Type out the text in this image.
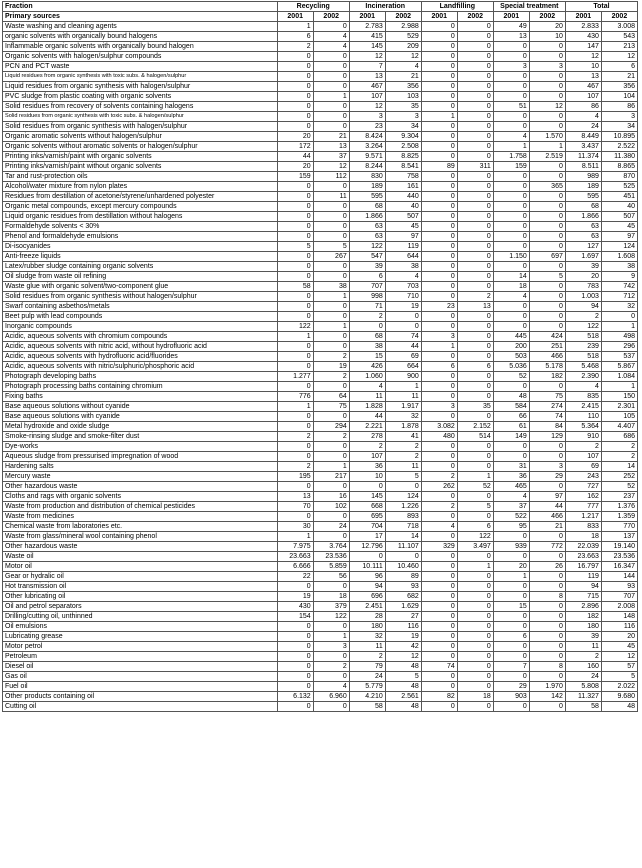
Fraction	Recycling		Incineration		Landfilling		Special treatment		Total	
Primary sources	2001	2002	2001	2002	2001	2002	2001	2002	2001	2002
Waste washing and cleaning agents	1	0	2.783	2.988	0	0	49	20	2.833	3.008
organic solvents with organically bound halogens	6	4	415	529	0	0	13	10	430	543
Inflammable organic solvents with organically bound halogen	2	4	145	209	0	0	0	0	147	213
Organic solvents with halogen/sulphur compounds	0	0	12	12	0	0	0	0	12	12
PCN and PCT waste	0	0	7	4	0	0	3	3	10	6
Liquid residues from organic synthesis with toxic subs. & halogen/sulphur	0	0	13	21	0	0	0	0	13	21
Liquid residues from organic synthesis with halogen/sulphur	0	0	467	356	0	0	0	0	467	356
PVC sludge from plastic coating with organic solvents	0	1	107	103	0	0	0	0	107	104
Solid residues from recovery of solvents containing halogens	0	0	12	35	0	0	51	12	86	86
Solid residues from organic synthesis with toxic subs. & halogen/sulphur	0	0	3	3	1	0	0	0	4	3
Solid residues from organic synthesis with halogen/sulphur	0	0	23	34	0	0	0	0	24	34
Organic aromatic solvents without halogen/sulphur	20	21	8.424	9.304	0	0	4	1.570	8.449	10.895
Organic solvents without aromatic solvents or halogen/sulphur	172	13	3.264	2.508	0	0	1	1	3.437	2.522
Printing inks/varnish/paint with organic solvents	44	37	9.571	8.825	0	0	1.758	2.519	11.374	11.380
Printing inks/varnish/paint without organic solvents	20	12	8.244	8.541	89	311	159	0	8.511	8.865
Tar and rust-protection oils	159	112	830	758	0	0	0	0	989	870
Alcohol/water mixture from nylon plates	0	0	189	161	0	0	0	365	189	525
Residues from destillation of acetone/styrene/unhardened polyester	0	11	595	440	0	0	0	0	595	451
Organic metal compounds, except mercury compounds	0	0	68	40	0	0	0	0	68	40
Liquid organic residues from destillation without halogens	0	0	1.866	507	0	0	0	0	1.866	507
Formaldehyde solvents < 30%	0	0	63	45	0	0	0	0	63	45
Phenol and formaldehyde emulsions	0	0	63	97	0	0	0	0	63	97
Di-isocyanides	5	5	122	119	0	0	0	0	127	124
Anti-freeze liquids	0	267	547	644	0	0	1.150	697	1.697	1.608
Latex/rubber sludge containing organic solvents	0	0	39	38	0	0	0	0	39	38
Oil sludge from waste oil refining	0	0	6	4	0	0	14	5	20	9
Waste glue with organic solvent/two-component glue	58	38	707	703	0	0	18	0	783	742
Solid residues from organic synthesis without halogen/sulphur	0	1	998	710	0	2	4	0	1.003	712
Swarf containing asbethos/metals	0	0	71	19	23	13	0	0	94	32
Beet pulp with lead compounds	0	0	2	0	0	0	0	0	2	0
Inorganic compounds	122	1	0	0	0	0	0	0	122	1
Acidic, aqueous solvents with chromium compounds	1	0	68	74	3	0	445	424	518	498
Acidic, aqueous solvents with nitric acid, without hydrofluoric acid	0	0	38	44	1	0	200	251	239	296
Acidic, aqueous solvents with hydrofluoric acid/fluorides	0	2	15	69	0	0	503	466	518	537
Acidic, aqueous solvents with nitric/sulphuric/phosphoric acid	0	19	426	664	6	6	5.036	5.178	5.468	5.867
Photograph developing baths	1.277	2	1.060	900	0	0	52	182	2.390	1.084
Photograph processing baths containing chromium	0	0	4	1	0	0	0	0	4	1
Fixing baths	776	64	11	11	0	0	48	75	835	150
Base aqueous solutions without cyanide	1	75	1.828	1.917	3	35	584	274	2.415	2.301
Base aqueous solutions with cyanide	0	0	44	32	0	0	66	74	110	105
Metal hydroxide and oxide sludge	0	294	2.221	1.878	3.082	2.152	61	84	5.364	4.407
Smoke-rinsing sludge and smoke-filter dust	2	2	278	41	480	514	149	129	910	686
Dye-works	0	0	2	2	0	0	0	0	2	2
Aqueous sludge from pressurised impregnation of wood	0	0	107	2	0	0	0	0	107	2
Hardening salts	2	1	36	11	0	0	31	3	69	14
Mercury waste	195	217	10	5	2	1	36	29	243	252
Other hazardous waste	0	0	0	0	262	52	465	0	727	52
Cloths and rags with organic solvents	13	16	145	124	0	0	4	97	162	237
Waste from production and distribution of chemical pesticides	70	102	668	1.226	2	5	37	44	777	1.376
Waste from medicines	0	0	695	893	0	0	522	466	1.217	1.359
Chemical waste from laboratories etc.	30	24	704	718	4	6	95	21	833	770
Waste from glass/mineral wool containing phenol	1	0	17	14	0	122	0	0	18	137
Other hazardous waste	7.975	3.764	12.796	11.107	329	3.497	939	772	22.039	19.140
Waste oil	23.663	23.536	0	0	0	0	0	0	23.663	23.536
Motor oil	6.666	5.859	10.111	10.460	0	1	20	26	16.797	16.347
Gear or hydralic oil	22	56	96	89	0	0	1	0	119	144
Hot transmission oil	0	0	94	93	0	0	0	0	94	93
Other lubricating oil	19	18	696	682	0	0	0	8	715	707
Oil and petrol separators	430	379	2.451	1.629	0	0	15	0	2.896	2.008
Drilling/cutting oil, unthinned	154	122	28	27	0	0	0	0	182	148
Oil emulsions	0	0	180	116	0	0	0	0	180	116
Lubricating grease	0	1	32	19	0	0	6	0	39	20
Motor petrol	0	3	11	42	0	0	0	0	11	45
Petroleum	0	0	2	12	0	0	0	0	2	12
Diesel oil	0	2	79	48	74	0	7	8	160	57
Gas oil	0	0	24	5	0	0	0	0	24	5
Fuel oil	0	4	5.779	48	0	0	29	1.970	5.808	2.022
Other products containing oil	6.132	6.960	4.210	2.561	82	18	903	142	11.327	9.680
Cutting oil	0	0	58	48	0	0	0	0	58	48
